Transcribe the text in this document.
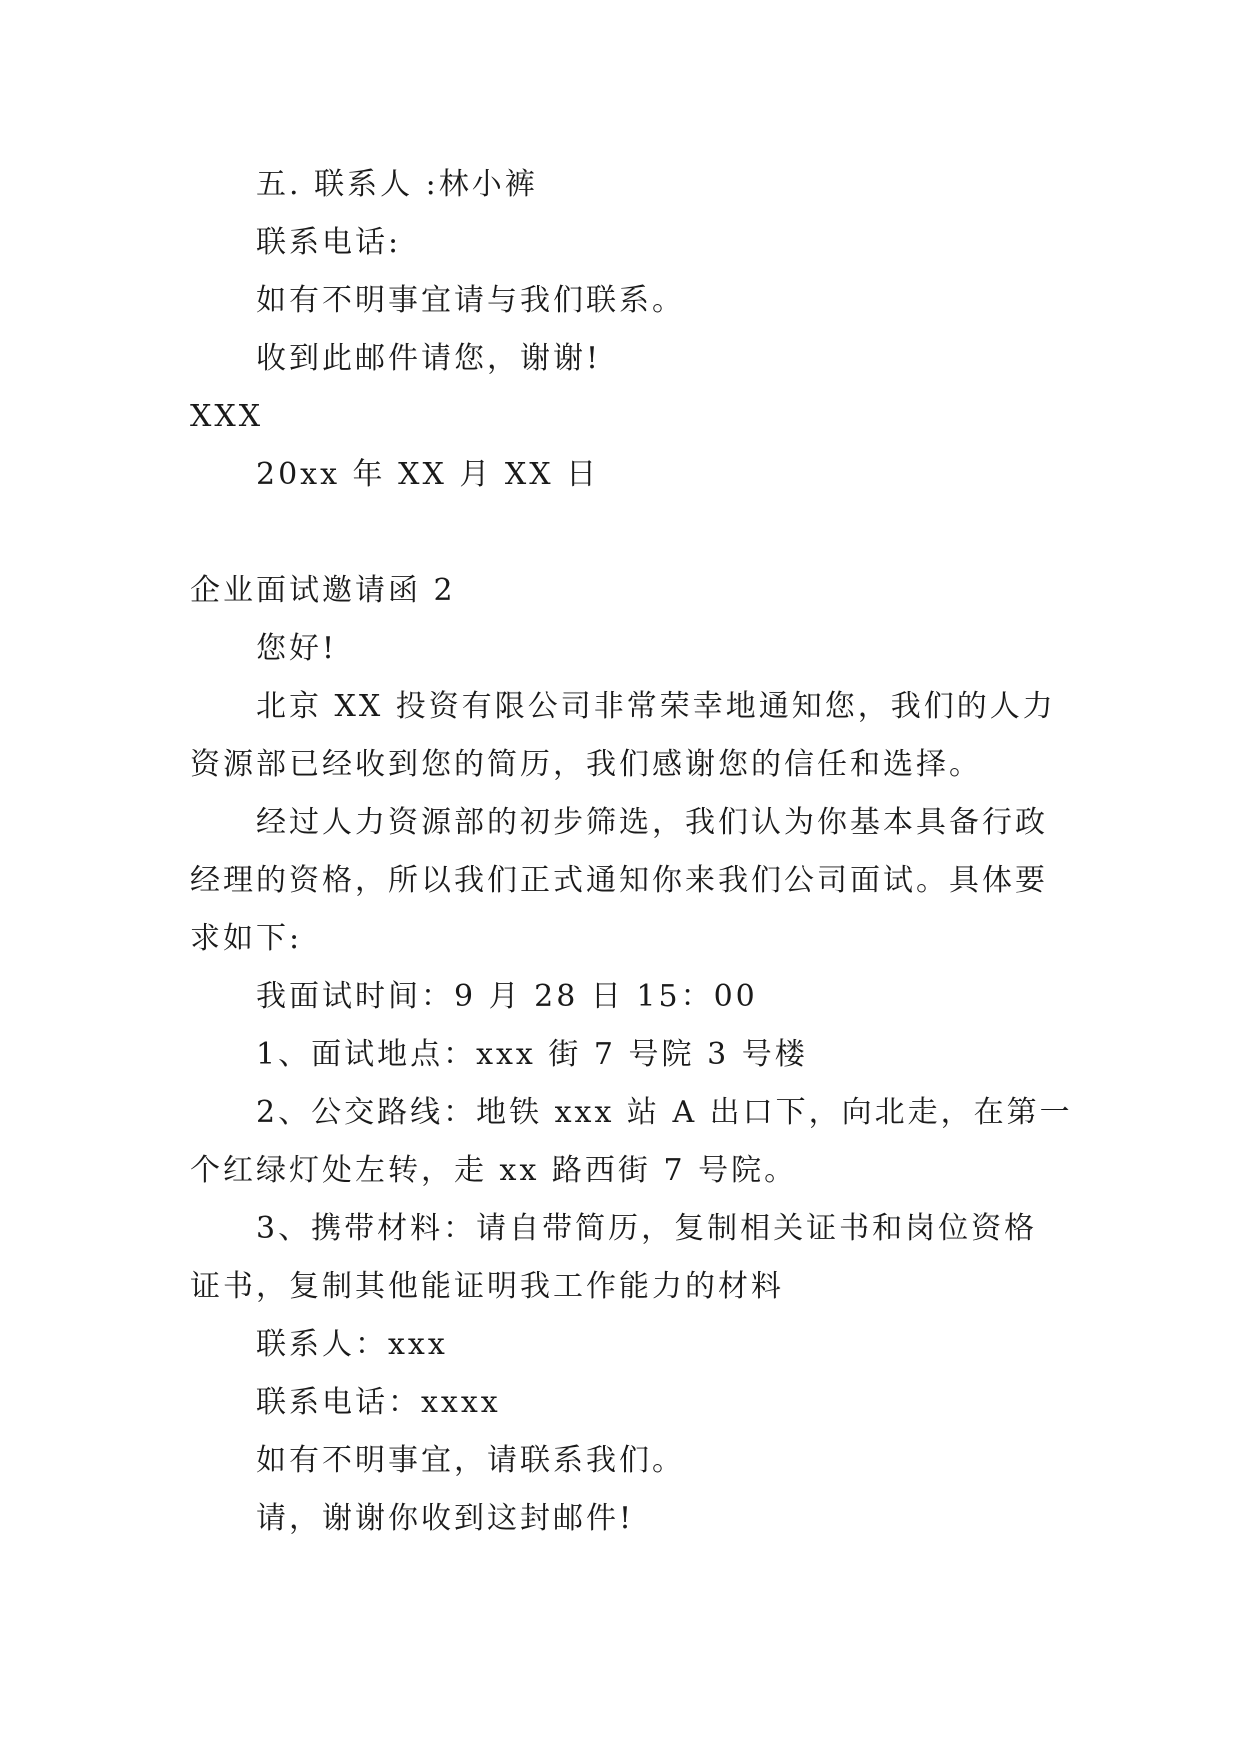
五. 联系人 :林小裤
联系电话:
如有不明事宜请与我们联系。
收到此邮件请您，谢谢!
XXX
20xx 年 XX 月 XX 日
企业面试邀请函 2
您好!
北京 XX 投资有限公司非常荣幸地通知您，我们的人力
资源部已经收到您的简历，我们感谢您的信任和选择。
经过人力资源部的初步筛选，我们认为你基本具备行政
经理的资格，所以我们正式通知你来我们公司面试。具体要
求如下:
我面试时间：9 月 28 日 15：00
1、面试地点：xxx 街 7 号院 3 号楼
2、公交路线：地铁 xxx 站 A 出口下，向北走，在第一
个红绿灯处左转，走 xx 路西街 7 号院。
3、携带材料：请自带简历，复制相关证书和岗位资格
证书，复制其他能证明我工作能力的材料
联系人：xxx
联系电话：xxxx
如有不明事宜，请联系我们。
请，谢谢你收到这封邮件!
